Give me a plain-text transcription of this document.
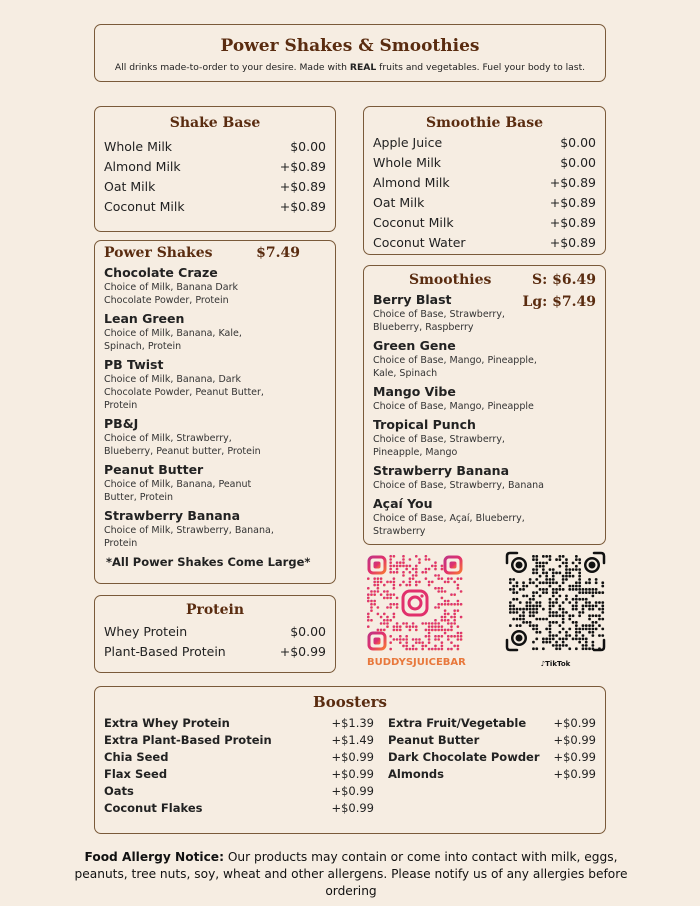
Power Shakes & Smoothies
All drinks made-to-order to your desire. Made with REAL fruits and vegetables. Fuel your body to last.
Shake Base
Whole Milk	$0.00
Almond Milk	+$0.89
Oat Milk	+$0.89
Coconut Milk	+$0.89
Smoothie Base
Apple Juice	$0.00
Whole Milk	$0.00
Almond Milk	+$0.89
Oat Milk	+$0.89
Coconut Milk	+$0.89
Coconut Water	+$0.89
Power Shakes	$7.49
Chocolate Craze
Choice of Milk, Banana Dark Chocolate Powder, Protein
Lean Green
Choice of Milk, Banana, Kale, Spinach, Protein
PB Twist
Choice of Milk, Banana, Dark Chocolate Powder, Peanut Butter, Protein
PB&J
Choice of Milk, Strawberry, Blueberry, Peanut butter, Protein
Peanut Butter
Choice of Milk, Banana, Peanut Butter, Protein
Strawberry Banana
Choice of Milk, Strawberry, Banana, Protein
*All Power Shakes Come Large*
Smoothies	S: $6.49
Lg: $7.49
Berry Blast
Choice of Base, Strawberry, Blueberry, Raspberry
Green Gene
Choice of Base, Mango, Pineapple, Kale, Spinach
Mango Vibe
Choice of Base, Mango, Pineapple
Tropical Punch
Choice of Base, Strawberry, Pineapple, Mango
Strawberry Banana
Choice of Base, Strawberry, Banana
Açaí You
Choice of Base, Açaí, Blueberry, Strawberry
Protein
Whey Protein	$0.00
Plant-Based Protein	+$0.99
BUDDYSJUICEBAR	♪TikTok
Boosters
Extra Whey Protein	+$1.39
Extra Plant-Based Protein	+$1.49
Chia Seed	+$0.99
Flax Seed	+$0.99
Oats	+$0.99
Coconut Flakes	+$0.99
Extra Fruit/Vegetable +$0.99
Peanut Butter	+$0.99
Dark Chocolate Powder +$0.99
Almonds	+$0.99
Food Allergy Notice: Our products may contain or come into contact with milk, eggs, peanuts, tree nuts, soy, wheat and other allergens. Please notify us of any allergies before ordering
